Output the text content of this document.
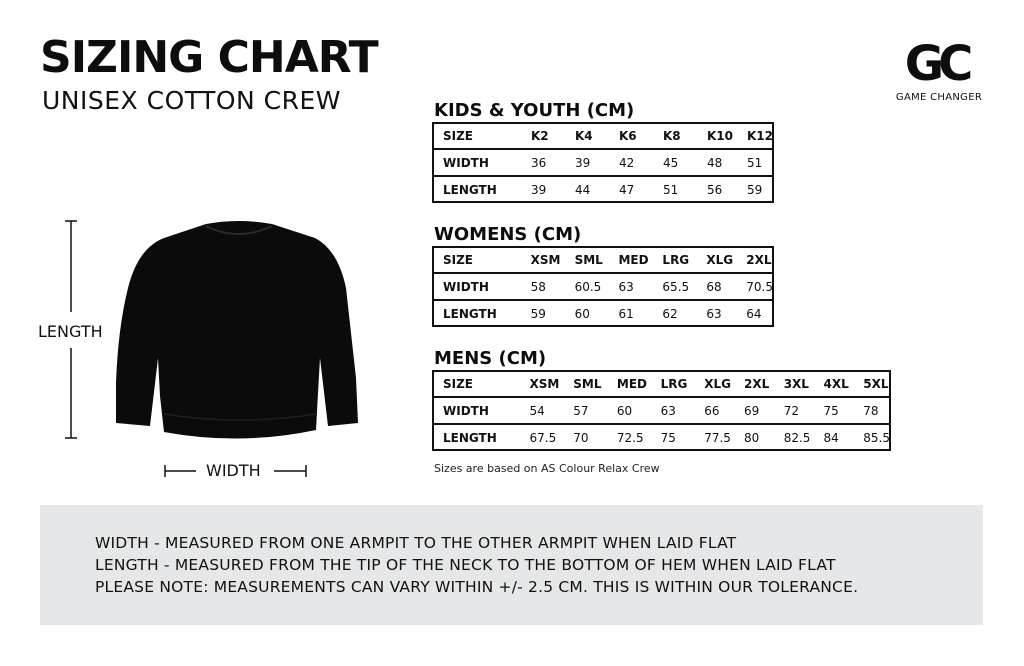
SIZING CHART
UNISEX COTTON CREW
GC
GAME CHANGER
LENGTH
WIDTH
KIDS & YOUTH (CM)
SIZE	K2	K4	K6	K8	K10	K12
WIDTH	36	39	42	45	48	51
LENGTH	39	44	47	51	56	59
WOMENS (CM)
SIZE	XSM	SML	MED	LRG	XLG	2XL
WIDTH	58	60.5	63	65.5	68	70.5
LENGTH	59	60	61	62	63	64
MENS (CM)
SIZE	XSM	SML	MED	LRG	XLG	2XL	3XL	4XL	5XL
WIDTH	54	57	60	63	66	69	72	75	78
LENGTH	67.5	70	72.5	75	77.5	80	82.5	84	85.5
Sizes are based on AS Colour Relax Crew
WIDTH - MEASURED FROM ONE ARMPIT TO THE OTHER ARMPIT WHEN LAID FLAT
LENGTH - MEASURED FROM THE TIP OF THE NECK TO THE BOTTOM OF HEM WHEN LAID FLAT
PLEASE NOTE: MEASUREMENTS CAN VARY WITHIN +/- 2.5 CM. THIS IS WITHIN OUR TOLERANCE.
